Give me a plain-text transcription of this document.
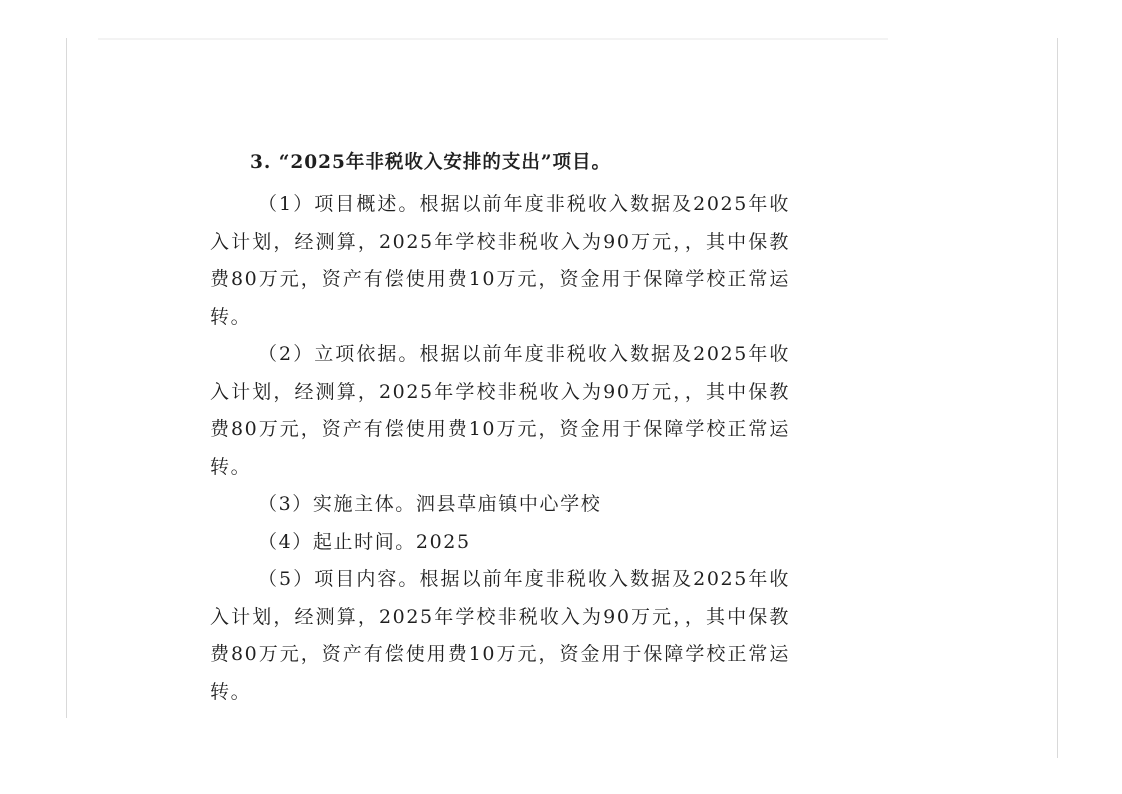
3. “2025年非税收入安排的支出”项目。

（1）项目概述。根据以前年度非税收入数据及2025年收入计划，经测算，2025年学校非税收入为90万元，，其中保教费80万元，资产有偿使用费10万元，资金用于保障学校正常运转。

（2）立项依据。根据以前年度非税收入数据及2025年收入计划，经测算，2025年学校非税收入为90万元，，其中保教费80万元，资产有偿使用费10万元，资金用于保障学校正常运转。

（3）实施主体。泗县草庙镇中心学校

（4）起止时间。2025

（5）项目内容。根据以前年度非税收入数据及2025年收入计划，经测算，2025年学校非税收入为90万元，，其中保教费80万元，资产有偿使用费10万元，资金用于保障学校正常运转。
